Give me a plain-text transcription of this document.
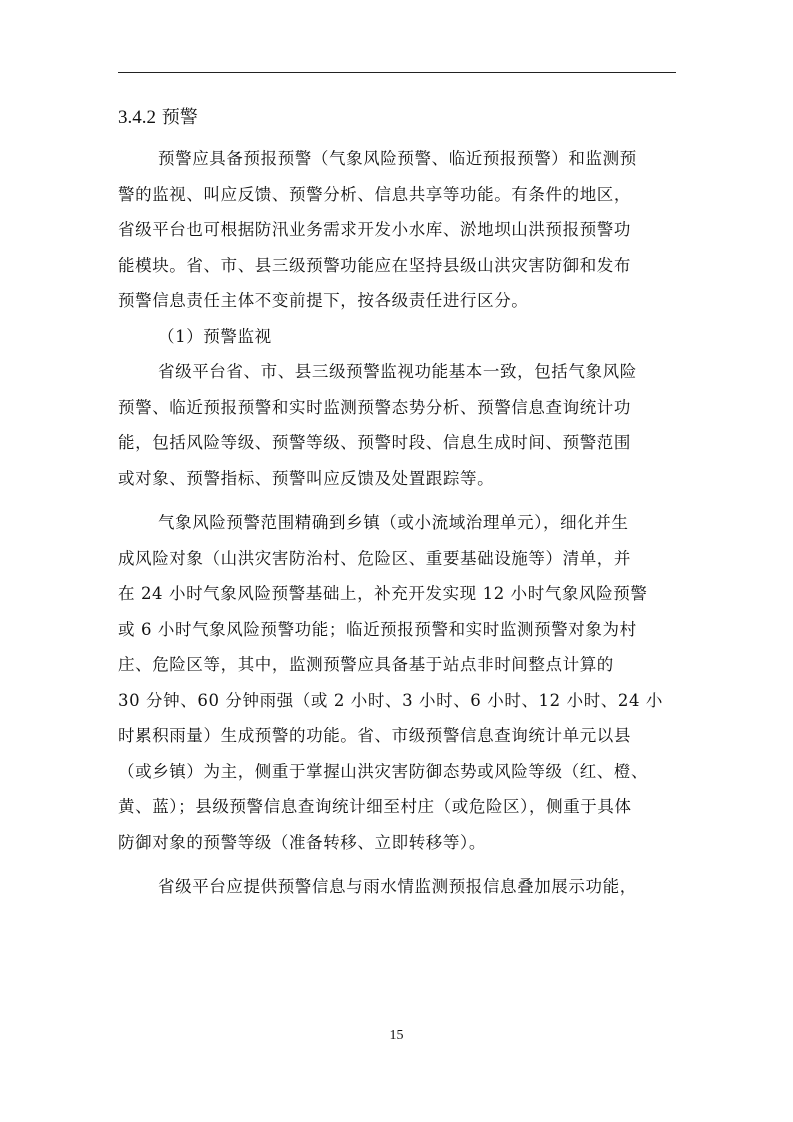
3.4.2 预警

预警应具备预报预警（气象风险预警、临近预报预警）和监测预
警的监视、叫应反馈、预警分析、信息共享等功能。有条件的地区，
省级平台也可根据防汛业务需求开发小水库、淤地坝山洪预报预警功
能模块。省、市、县三级预警功能应在坚持县级山洪灾害防御和发布
预警信息责任主体不变前提下，按各级责任进行区分。

（1）预警监视

省级平台省、市、县三级预警监视功能基本一致，包括气象风险
预警、临近预报预警和实时监测预警态势分析、预警信息查询统计功
能，包括风险等级、预警等级、预警时段、信息生成时间、预警范围
或对象、预警指标、预警叫应反馈及处置跟踪等。

气象风险预警范围精确到乡镇（或小流域治理单元），细化并生
成风险对象（山洪灾害防治村、危险区、重要基础设施等）清单，并
在 24 小时气象风险预警基础上，补充开发实现 12 小时气象风险预警
或 6 小时气象风险预警功能；临近预报预警和实时监测预警对象为村
庄、危险区等，其中，监测预警应具备基于站点非时间整点计算的
30 分钟、60 分钟雨强（或 2 小时、3 小时、6 小时、12 小时、24 小
时累积雨量）生成预警的功能。省、市级预警信息查询统计单元以县
（或乡镇）为主，侧重于掌握山洪灾害防御态势或风险等级（红、橙、
黄、蓝）；县级预警信息查询统计细至村庄（或危险区），侧重于具体
防御对象的预警等级（准备转移、立即转移等）。

省级平台应提供预警信息与雨水情监测预报信息叠加展示功能，

15
